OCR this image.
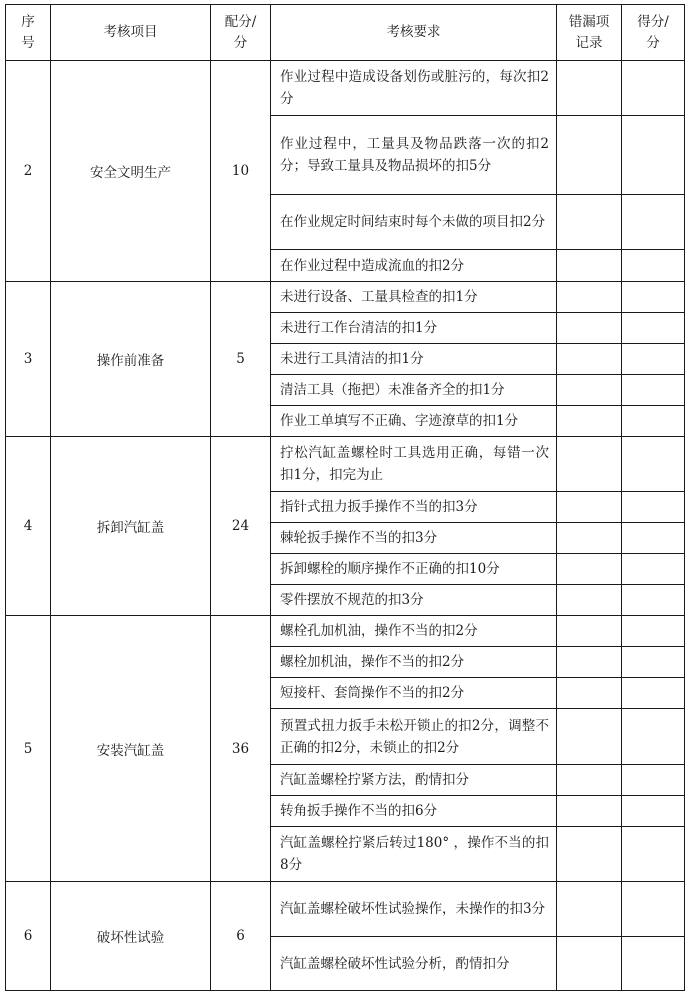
序号	考核项目	配分/分	考核要求	错漏项记录	得分/分
2	安全文明生产	10	作业过程中造成设备划伤或脏污的，每次扣2分		
			作业过程中，工量具及物品跌落一次的扣2分；导致工量具及物品损坏的扣5分		
			在作业规定时间结束时每个未做的项目扣2分		
			在作业过程中造成流血的扣2分		
3	操作前准备	5	未进行设备、工量具检查的扣1分		
			未进行工作台清洁的扣1分		
			未进行工具清洁的扣1分		
			清洁工具（拖把）未准备齐全的扣1分		
			作业工单填写不正确、字迹潦草的扣1分		
4	拆卸汽缸盖	24	拧松汽缸盖螺栓时工具选用正确，每错一次扣1分，扣完为止		
			指针式扭力扳手操作不当的扣3分		
			棘轮扳手操作不当的扣3分		
			拆卸螺栓的顺序操作不正确的扣10分		
			零件摆放不规范的扣3分		
5	安装汽缸盖	36	螺栓孔加机油，操作不当的扣2分		
			螺栓加机油，操作不当的扣2分		
			短接杆、套筒操作不当的扣2分		
			预置式扭力扳手未松开锁止的扣2分，调整不正确的扣2分，未锁止的扣2分		
			汽缸盖螺栓拧紧方法，酌情扣分		
			转角扳手操作不当的扣6分		
			汽缸盖螺栓拧紧后转过180° ，操作不当的扣8分		
6	破坏性试验	6	汽缸盖螺栓破坏性试验操作，未操作的扣3分		
			汽缸盖螺栓破坏性试验分析，酌情扣分		
